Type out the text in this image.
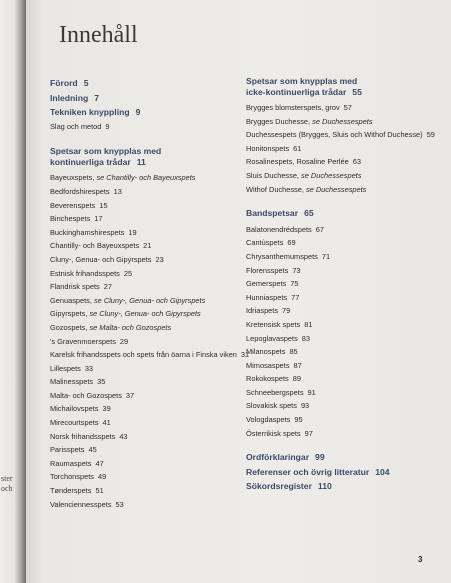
ster
och
Innehåll
Förord 5
Inledning 7
Tekniken knyppling 9
Slag och metod 9
Spetsar som knypplas med
kontinuerliga trådar 11
Bayeuxspets, se Chantilly- och Bayeuxspets
Bedfordshirespets 13
Beverenspets 15
Binchespets 17
Buckinghamshirespets 19
Chantilly- och Bayeuxspets 21
Cluny-, Genua- och Gipyrspets 23
Estnisk frihandsspets 25
Flandrisk spets 27
Genuaspets, se Cluny-, Genua- och Gipyrspets
Gipyrspets, se Cluny-, Genua- och Gipyrspets
Gozospets, se Malta- och Gozospets
's Gravenmoerspets 29
Karelsk frihandsspets och spets från öarna i Finska viken 31
Lillespets 33
Malinesspets 35
Malta- och Gozospets 37
Michailovspets 39
Mirecourtspets 41
Norsk frihandsspets 43
Parisspets 45
Raumaspets 47
Torchonspets 49
Tønderspets 51
Valenciennesspets 53
Spetsar som knypplas med
icke-kontinuerliga trådar 55
Brygges blomsterspets, grov 57
Brygges Duchesse, se Duchessespets
Duchessespets (Brygges, Sluis och Withof Duchesse) 59
Honitonspets 61
Rosalinespets, Rosaline Perlée 63
Sluis Duchesse, se Duchessespets
Withof Duchesse, se Duchessespets
Bandspetsar 65
Balatonendrédspets 67
Cantùspets 69
Chrysanthemumspets 71
Florensspets 73
Gemerspets 75
Hunniaspets 77
Idriaspets 79
Kretensisk spets 81
Lepoglavaspets 83
Milanospets 85
Mimosaspets 87
Rokokospets 89
Schneebergspets 91
Slovakisk spets 93
Vologdaspets 95
Österrikisk spets 97
Ordförklaringar 99
Referenser och övrig litteratur 104
Sökordsregister 110
3
